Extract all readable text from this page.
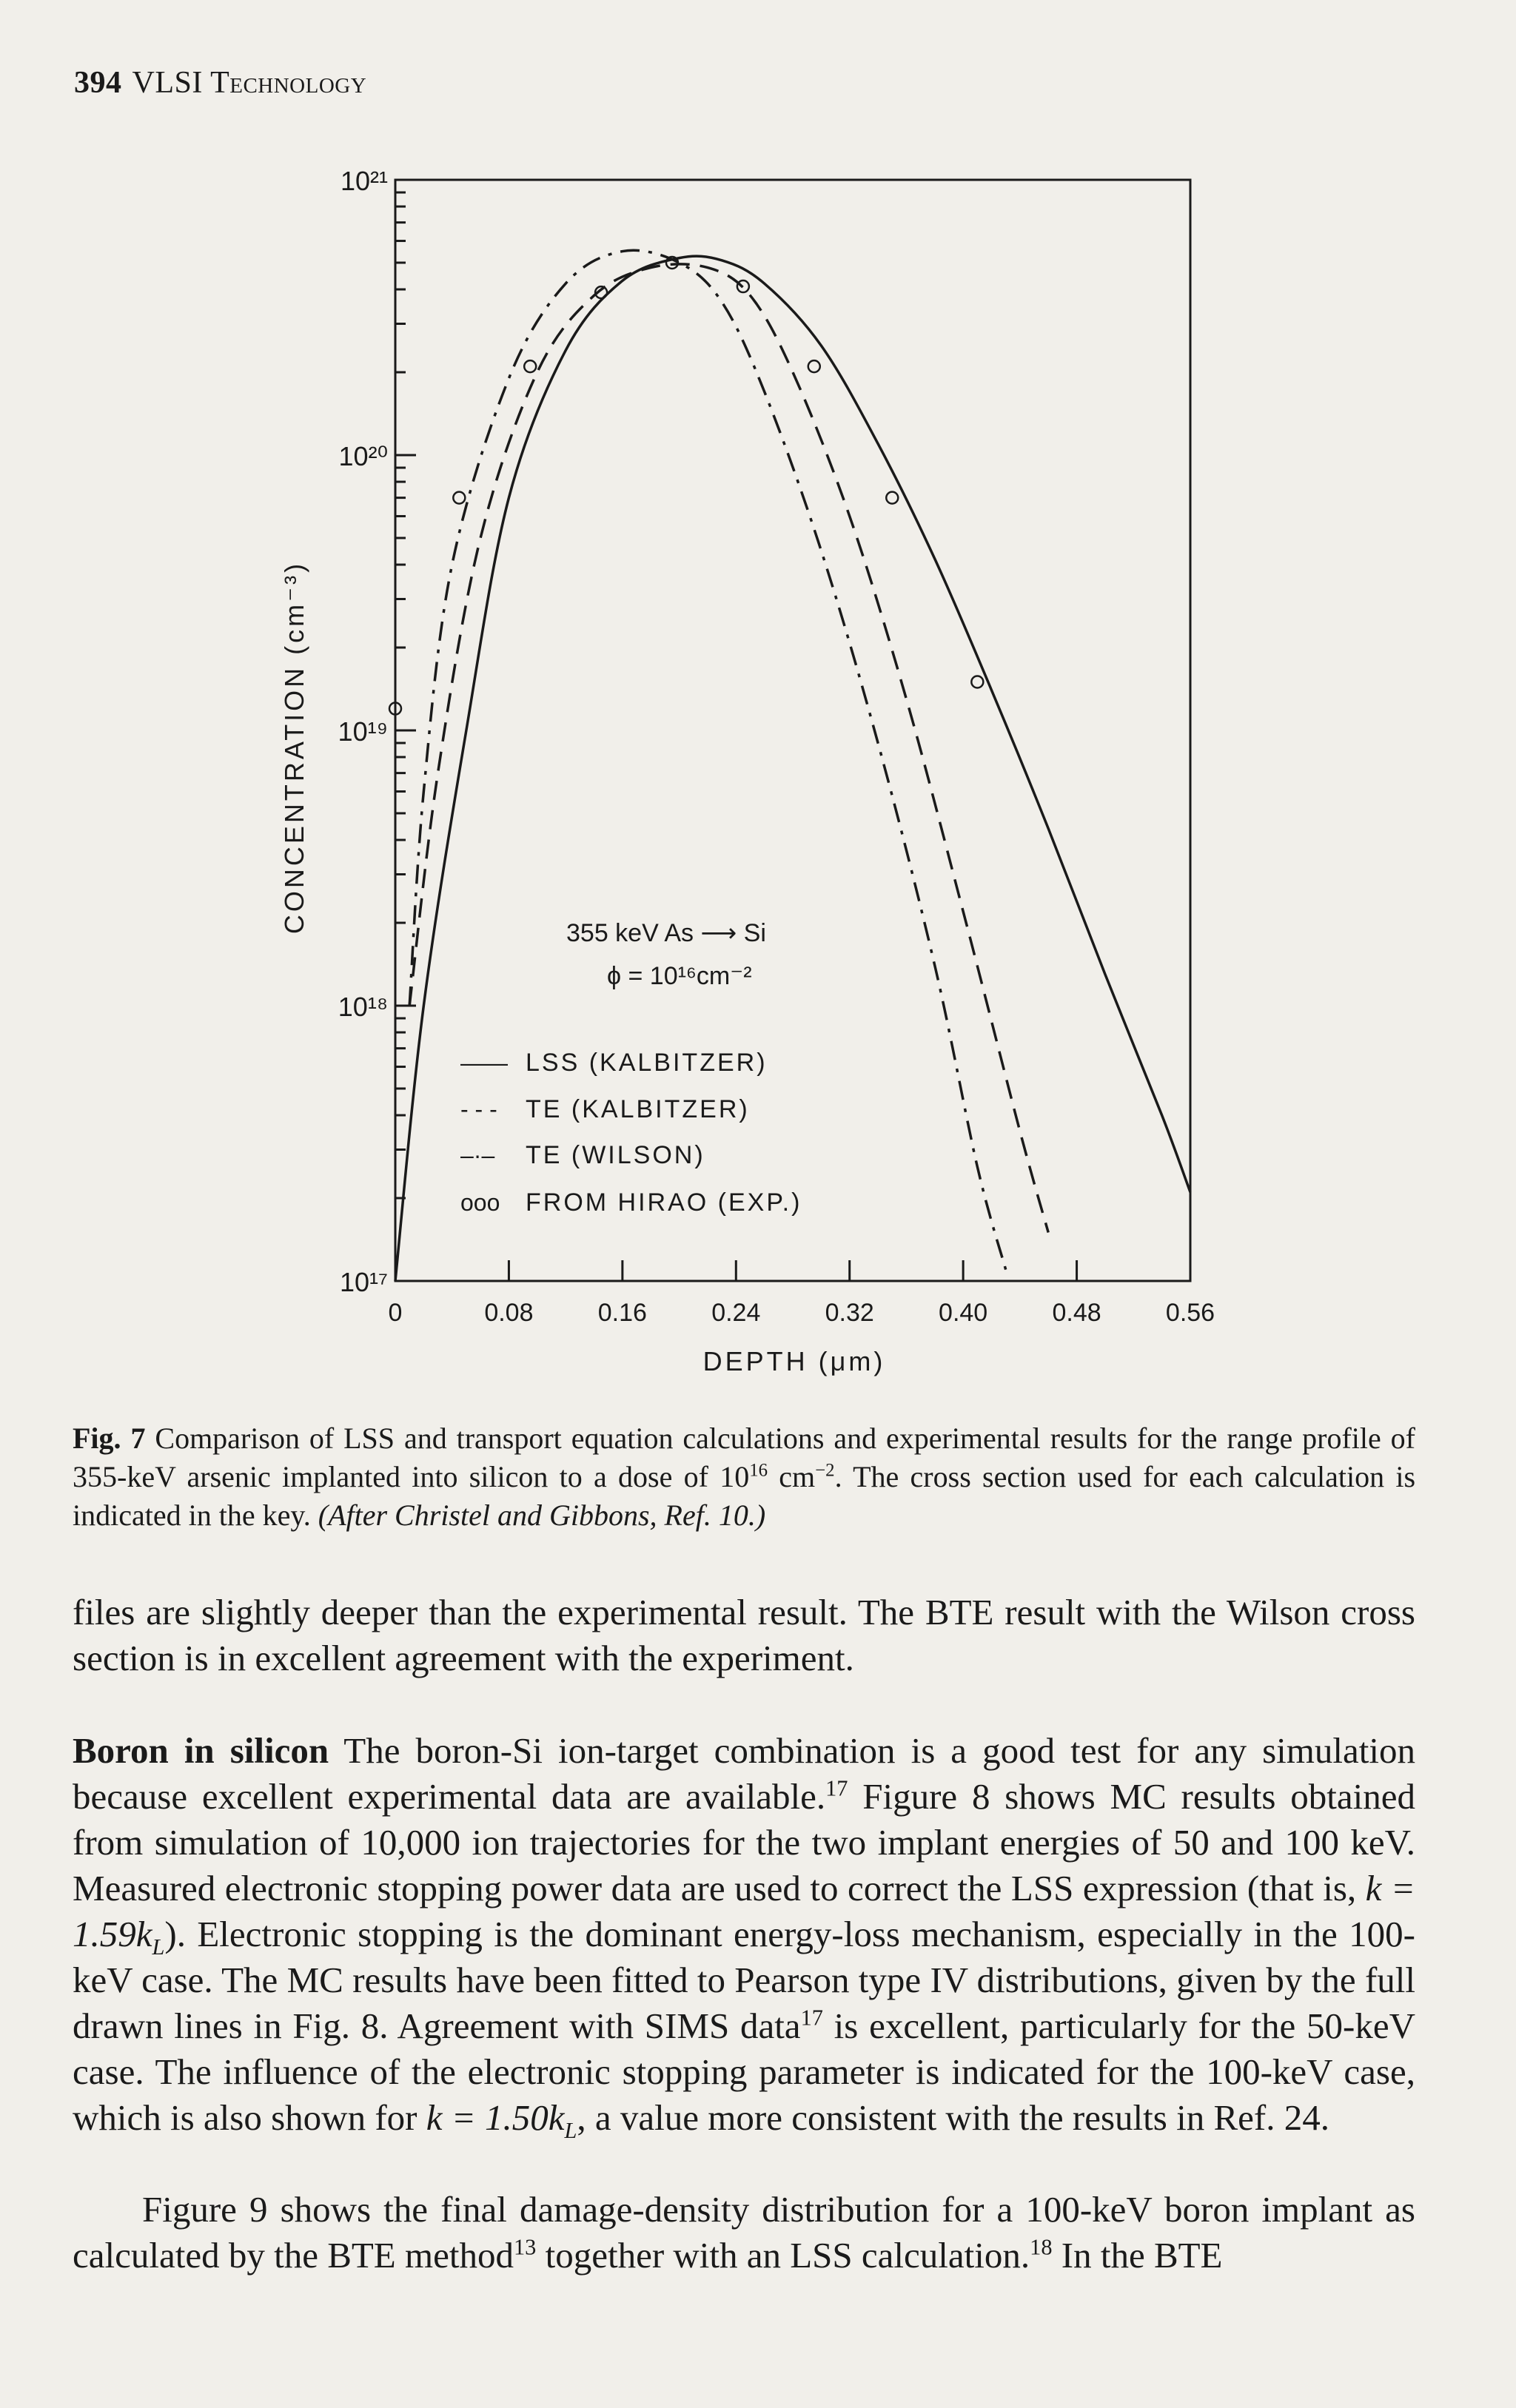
394 VLSI Technology
10²¹
10²⁰
10¹⁹
10¹⁸
10¹⁷
0	0.08	0.16	0.24	0.32	0.40	0.48	0.56
CONCENTRATION (cm⁻³)
DEPTH (μm)
355 keV As ⟶ Si
ϕ = 10¹⁶cm⁻²
—— LSS (KALBITZER)
- - - TE (KALBITZER)
–·– TE (WILSON)
ooo FROM HIRAO (EXP.)
Fig. 7 Comparison of LSS and transport equation calculations and experimental results for the range profile of 355-keV arsenic implanted into silicon to a dose of $10^{16}$ $cm^{-2}$. The cross section used for each calculation is indicated in the key. (After Christel and Gibbons, Ref. 10.)
files are slightly deeper than the experimental result. The BTE result with the Wilson cross section is in excellent agreement with the experiment.
Boron in silicon The boron-Si ion-target combination is a good test for any simulation because excellent experimental data are available.$^{17}$ Figure 8 shows MC results obtained from simulation of 10,000 ion trajectories for the two implant energies of 50 and 100 keV. Measured electronic stopping power data are used to correct the LSS expression (that is, $k = 1.59k_L$). Electronic stopping is the dominant energy-loss mechanism, especially in the 100-keV case. The MC results have been fitted to Pearson type IV distributions, given by the full drawn lines in Fig. 8. Agreement with SIMS data$^{17}$ is excellent, particularly for the 50-keV case. The influence of the electronic stopping parameter is indicated for the 100-keV case, which is also shown for $k = 1.50k_L$, a value more consistent with the results in Ref. 24.
Figure 9 shows the final damage-density distribution for a 100-keV boron implant as calculated by the BTE method$^{13}$ together with an LSS calculation.$^{18}$ In the BTE
